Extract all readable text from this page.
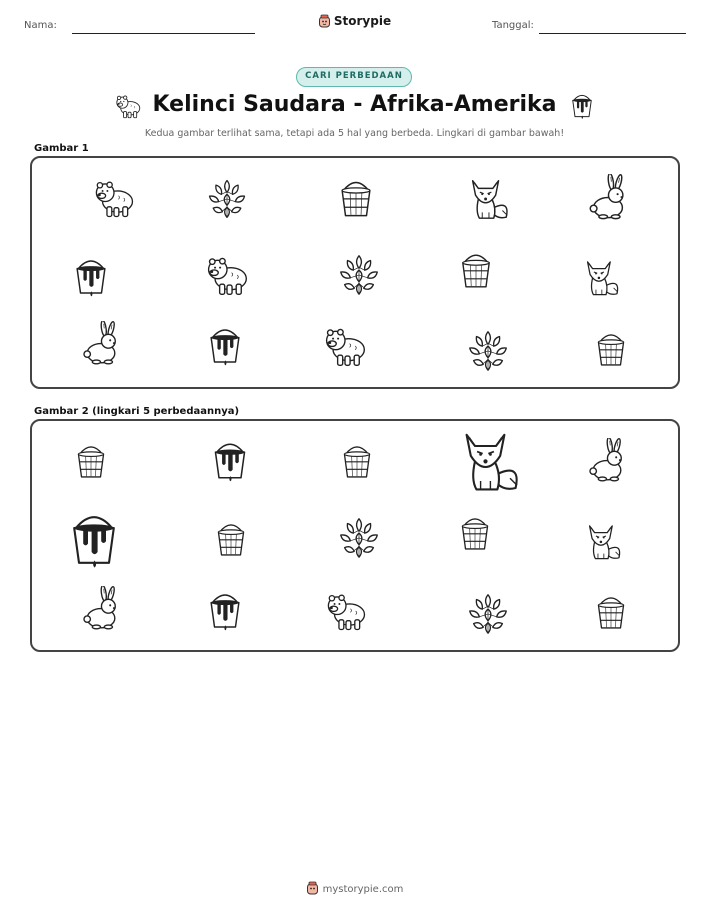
Nama:	Storypie	Tanggal:
CARI PERBEDAAN
Kelinci Saudara - Afrika-Amerika
Kedua gambar terlihat sama, tetapi ada 5 hal yang berbeda. Lingkari di gambar bawah!
Gambar 1
Gambar 2 (lingkari 5 perbedaannya)
mystorypie.com
